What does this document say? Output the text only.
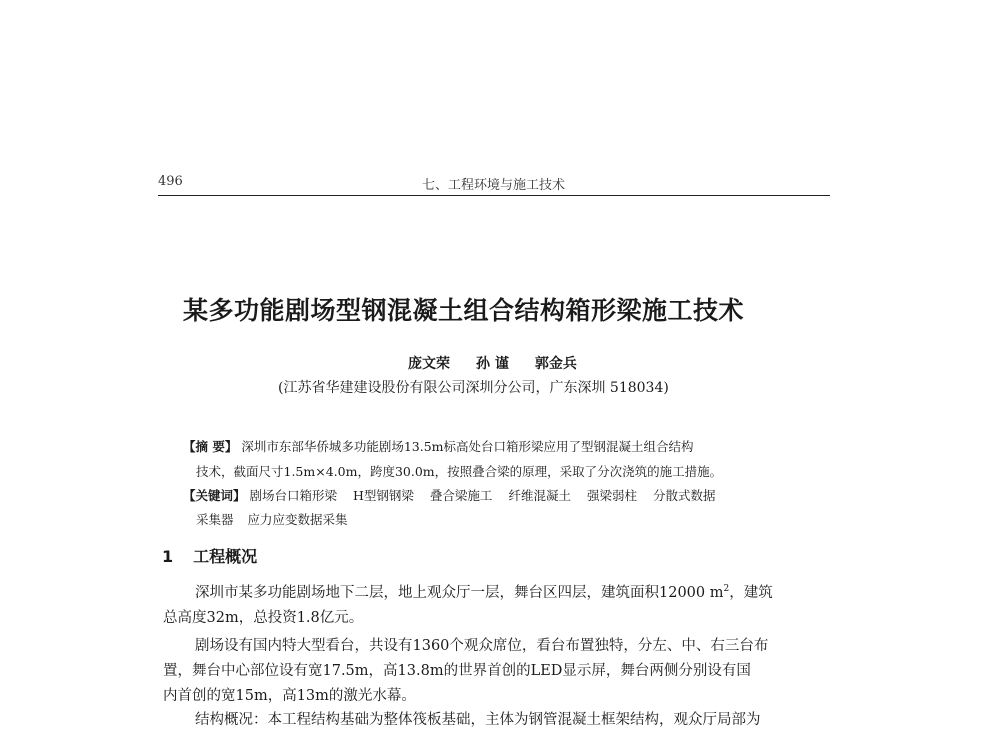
496	七、工程环境与施工技术
某多功能剧场型钢混凝土组合结构箱形梁施工技术
庞文荣 孙 谨 郭金兵
(江苏省华建建设股份有限公司深圳分公司，广东深圳 518034)
【摘 要】 深圳市东部华侨城多功能剧场13.5m标高处台口箱形梁应用了型钢混凝土组合结构
技术，截面尺寸1.5m×4.0m，跨度30.0m，按照叠合梁的原理，采取了分次浇筑的施工措施。
【关键词】 剧场台口箱形梁 H型钢钢梁 叠合梁施工 纤维混凝土 强梁弱柱 分散式数据
采集器 应力应变数据采集
1 工程概况
深圳市某多功能剧场地下二层，地上观众厅一层，舞台区四层，建筑面积12000 $m^2$，建筑
总高度32m，总投资1.8亿元。
剧场设有国内特大型看台，共设有1360个观众席位，看台布置独特，分左、中、右三台布
置，舞台中心部位设有宽17.5m，高13.8m的世界首创的LED显示屏，舞台两侧分别设有国
内首创的宽15m，高13m的激光水幕。
结构概况：本工程结构基础为整体筏板基础，主体为钢管混凝土框架结构，观众厅局部为
